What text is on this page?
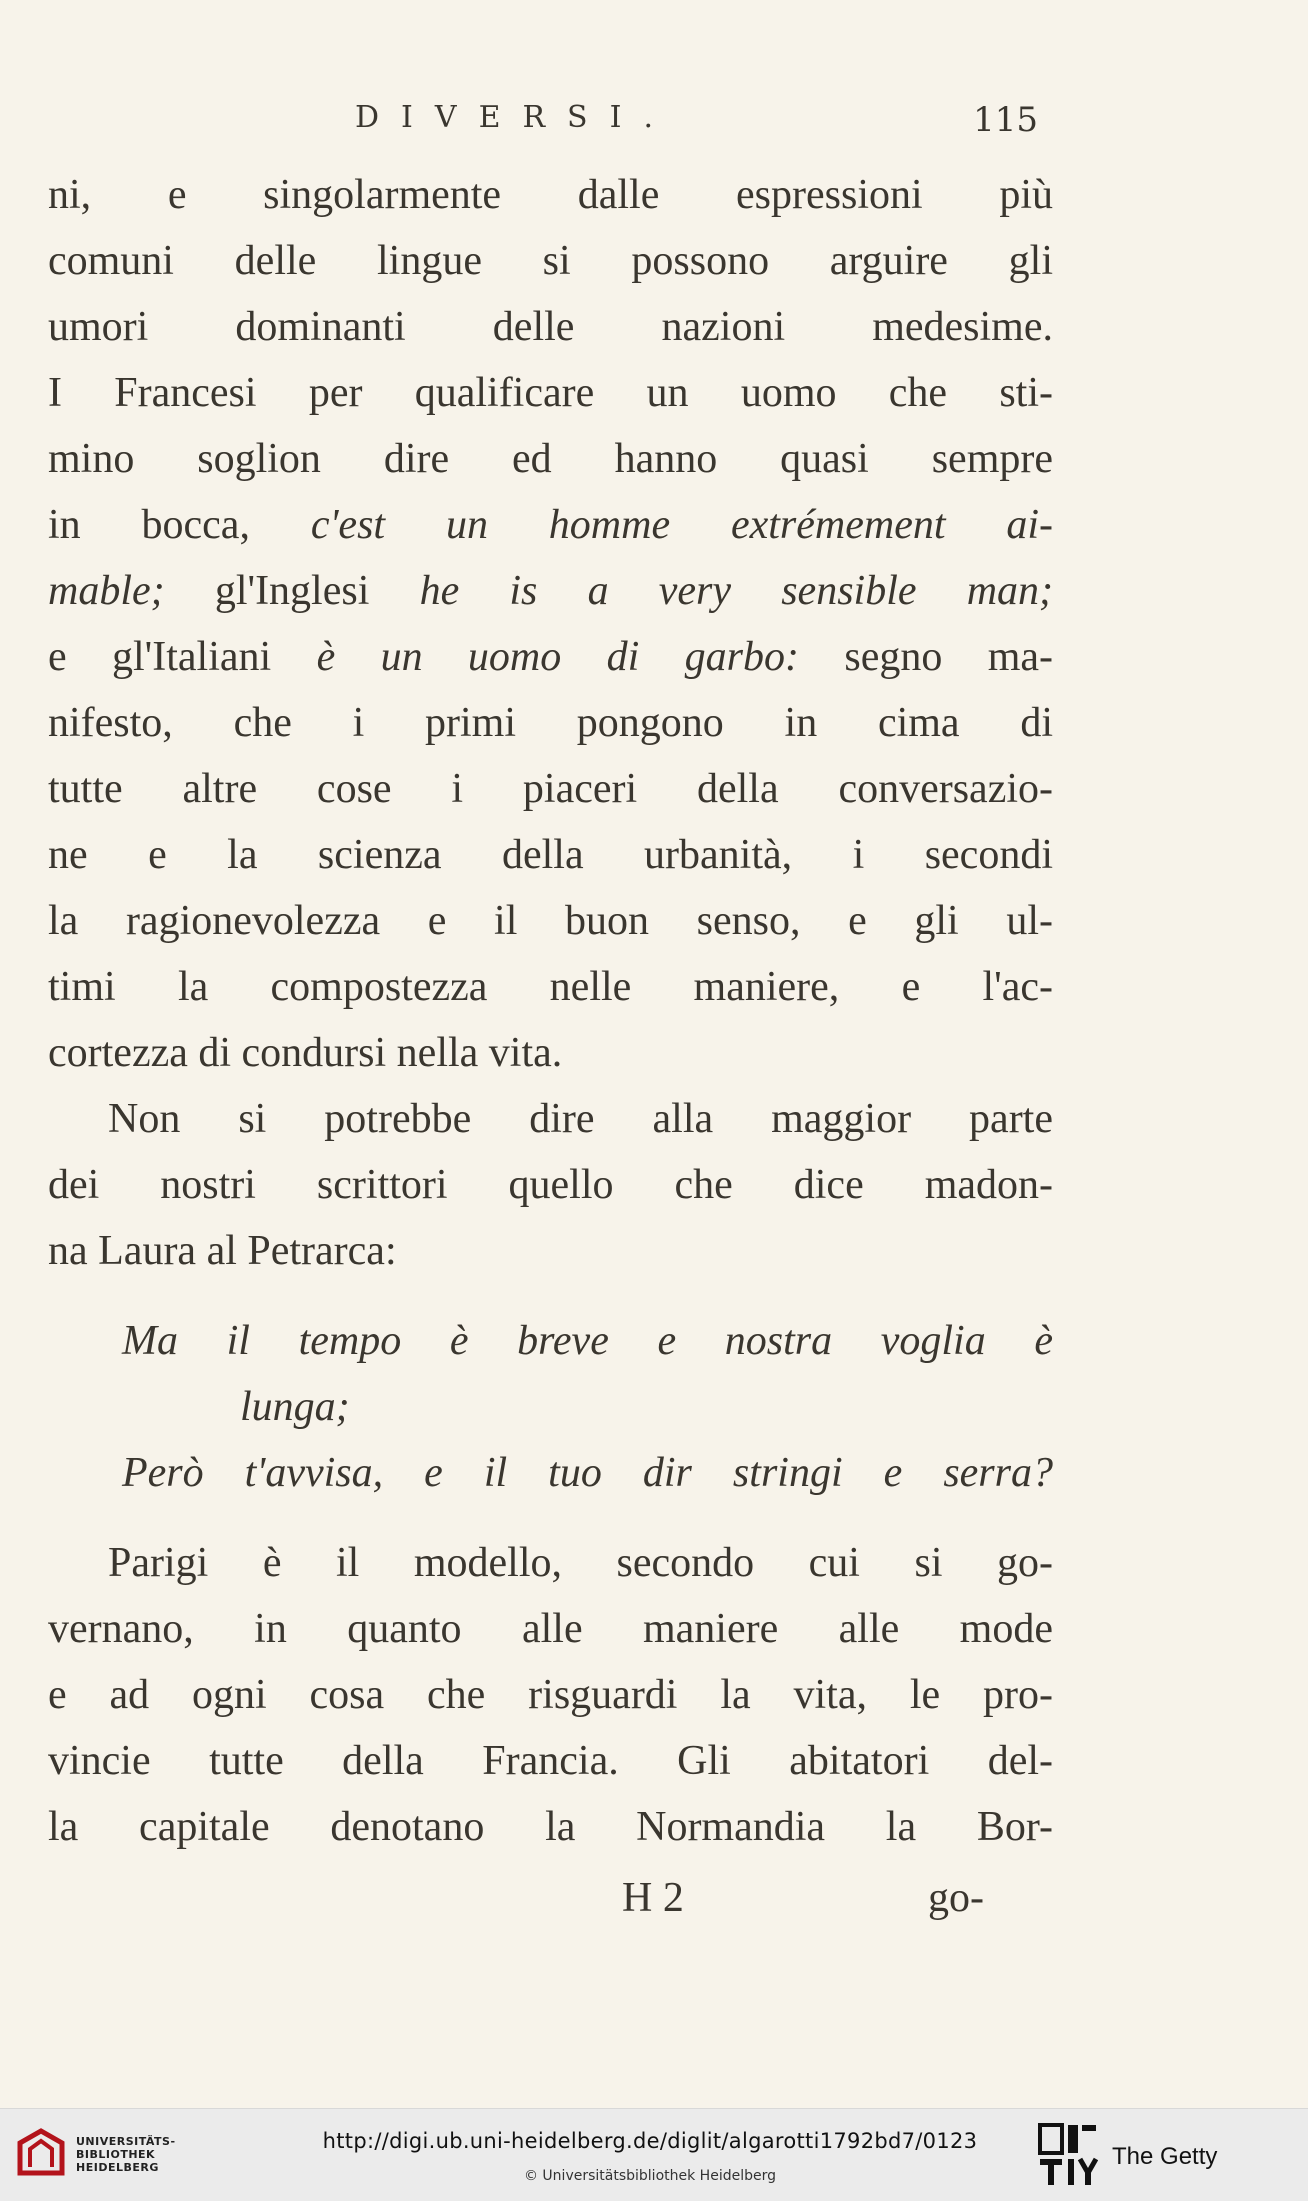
DIVERSI.	115
ni, e singolarmente dalle espressioni più
comuni delle lingue si possono arguire gli
umori dominanti delle nazioni medesime.
I Francesi per qualificare un uomo che sti-
mino soglion dire ed hanno quasi sempre
in bocca, c'est un homme extrémement ai-
mable; gl'Inglesi he is a very sensible man;
e gl'Italiani è un uomo di garbo: segno ma-
nifesto, che i primi pongono in cima di
tutte altre cose i piaceri della conversazio-
ne e la scienza della urbanità, i secondi
la ragionevolezza e il buon senso, e gli ul-
timi la compostezza nelle maniere, e l'ac-
cortezza di condursi nella vita.
Non si potrebbe dire alla maggior parte
dei nostri scrittori quello che dice madon-
na Laura al Petrarca:
Ma il tempo è breve e nostra voglia è
lunga;
Però t'avvisa, e il tuo dir stringi e serra?
Parigi è il modello, secondo cui si go-
vernano, in quanto alle maniere alle mode
e ad ogni cosa che risguardi la vita, le pro-
vincie tutte della Francia. Gli abitatori del-
la capitale denotano la Normandia la Bor-
H 2	go-
UNIVERSITÄTS-
BIBLIOTHEK
HEIDELBERG
http://digi.ub.uni-heidelberg.de/diglit/algarotti1792bd7/0123
© Universitätsbibliothek Heidelberg
The Getty
